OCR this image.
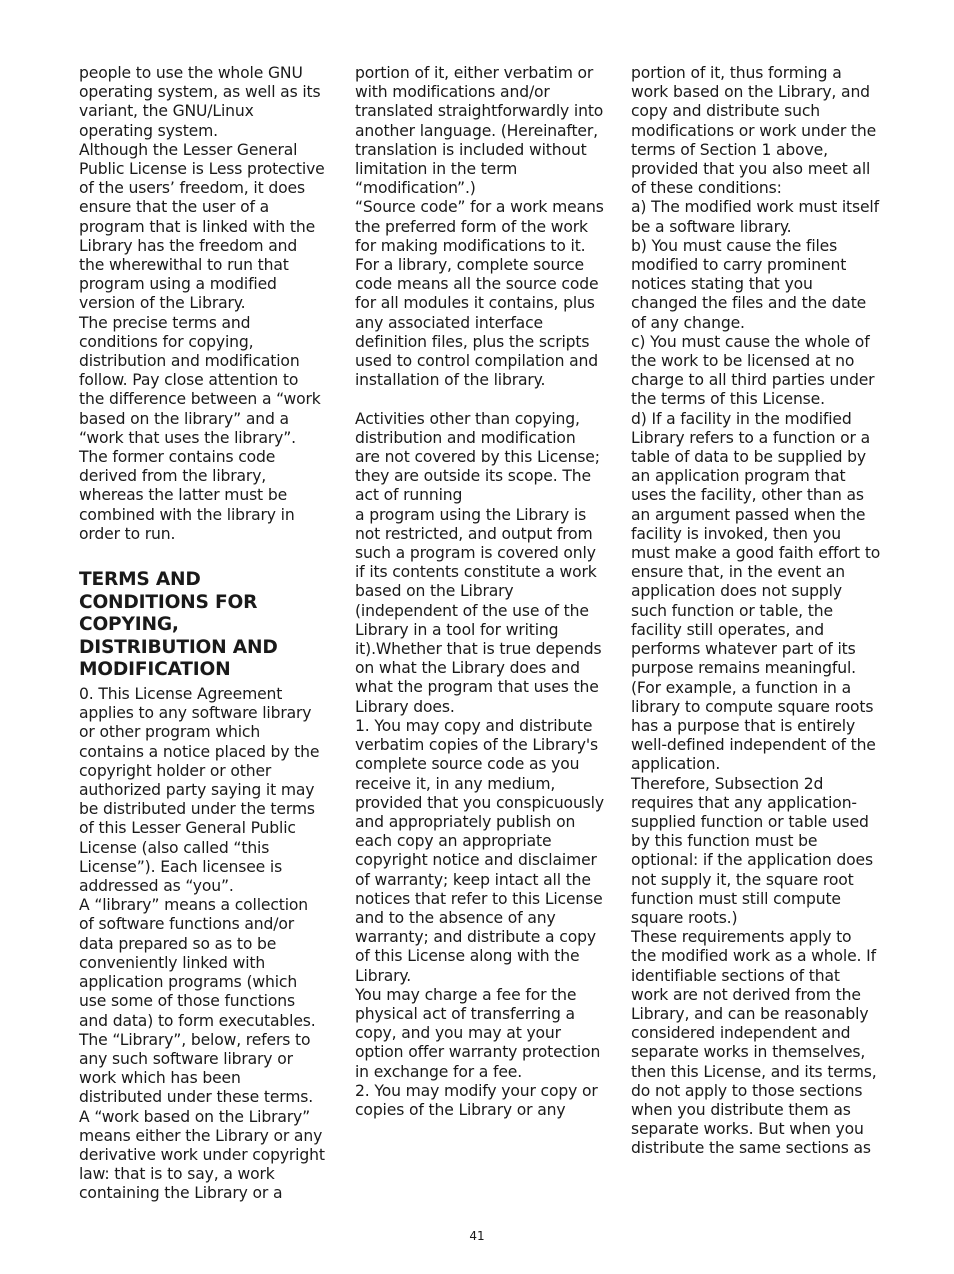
people to use the whole GNU operating system, as well as its variant, the GNU/Linux operating system.

Although the Lesser General Public License is Less protective of the users’ freedom, it does ensure that the user of a program that is linked with the Library has the freedom and the wherewithal to run that program using a modified version of the Library.

The precise terms and conditions for copying, distribution and modification follow. Pay close attention to the difference between a “work based on the library” and a “work that uses the library”. The former contains code derived from the library, whereas the latter must be combined with the library in order to run.

TERMS AND CONDITIONS FOR COPYING, DISTRIBUTION AND MODIFICATION

0. This License Agreement applies to any software library or other program which contains a notice placed by the copyright holder or other authorized party saying it may be distributed under the terms of this Lesser General Public License (also called “this License”). Each licensee is addressed as “you”.

A “library” means a collection of software functions and/or data prepared so as to be conveniently linked with application programs (which use some of those functions and data) to form executables.

The “Library”, below, refers to any such software library or work which has been distributed under these terms.

A “work based on the Library” means either the Library or any derivative work under copyright law: that is to say, a work containing the Library or a

portion of it, either verbatim or with modifications and/or translated straightforwardly into another language. (Hereinafter, translation is included without limitation in the term “modification”.)

“Source code” for a work means the preferred form of the work for making modifications to it. For a library, complete source code means all the source code for all modules it contains, plus any associated interface definition files, plus the scripts used to control compilation and installation of the library.

Activities other than copying, distribution and modification are not covered by this License; they are outside its scope. The act of running

a program using the Library is not restricted, and output from such a program is covered only if its contents constitute a work based on the Library (independent of the use of the Library in a tool for writing it).Whether that is true depends on what the Library does and what the program that uses the Library does.

1. You may copy and distribute verbatim copies of the Library's complete source code as you receive it, in any medium, provided that you conspicuously and appropriately publish on each copy an appropriate copyright notice and disclaimer of warranty; keep intact all the notices that refer to this License and to the absence of any warranty; and distribute a copy of this License along with the Library.

You may charge a fee for the physical act of transferring a copy, and you may at your option offer warranty protection in exchange for a fee.

2. You may modify your copy or copies of the Library or any

portion of it, thus forming a work based on the Library, and copy and distribute such modifications or work under the terms of Section 1 above, provided that you also meet all of these conditions:

a) The modified work must itself be a software library.

b) You must cause the files modified to carry prominent notices stating that you changed the files and the date of any change.

c) You must cause the whole of the work to be licensed at no charge to all third parties under the terms of this License.

d) If a facility in the modified Library refers to a function or a table of data to be supplied by an application program that uses the facility, other than as an argument passed when the facility is invoked, then you must make a good faith effort to ensure that, in the event an application does not supply such function or table, the facility still operates, and performs whatever part of its purpose remains meaningful.

(For example, a function in a library to compute square roots has a purpose that is entirely well-defined independent of the application.

Therefore, Subsection 2d requires that any application-supplied function or table used by this function must be optional: if the application does not supply it, the square root function must still compute square roots.)

These requirements apply to the modified work as a whole. If identifiable sections of that work are not derived from the Library, and can be reasonably considered independent and separate works in themselves, then this License, and its terms, do not apply to those sections when you distribute them as separate works. But when you distribute the same sections as

41
